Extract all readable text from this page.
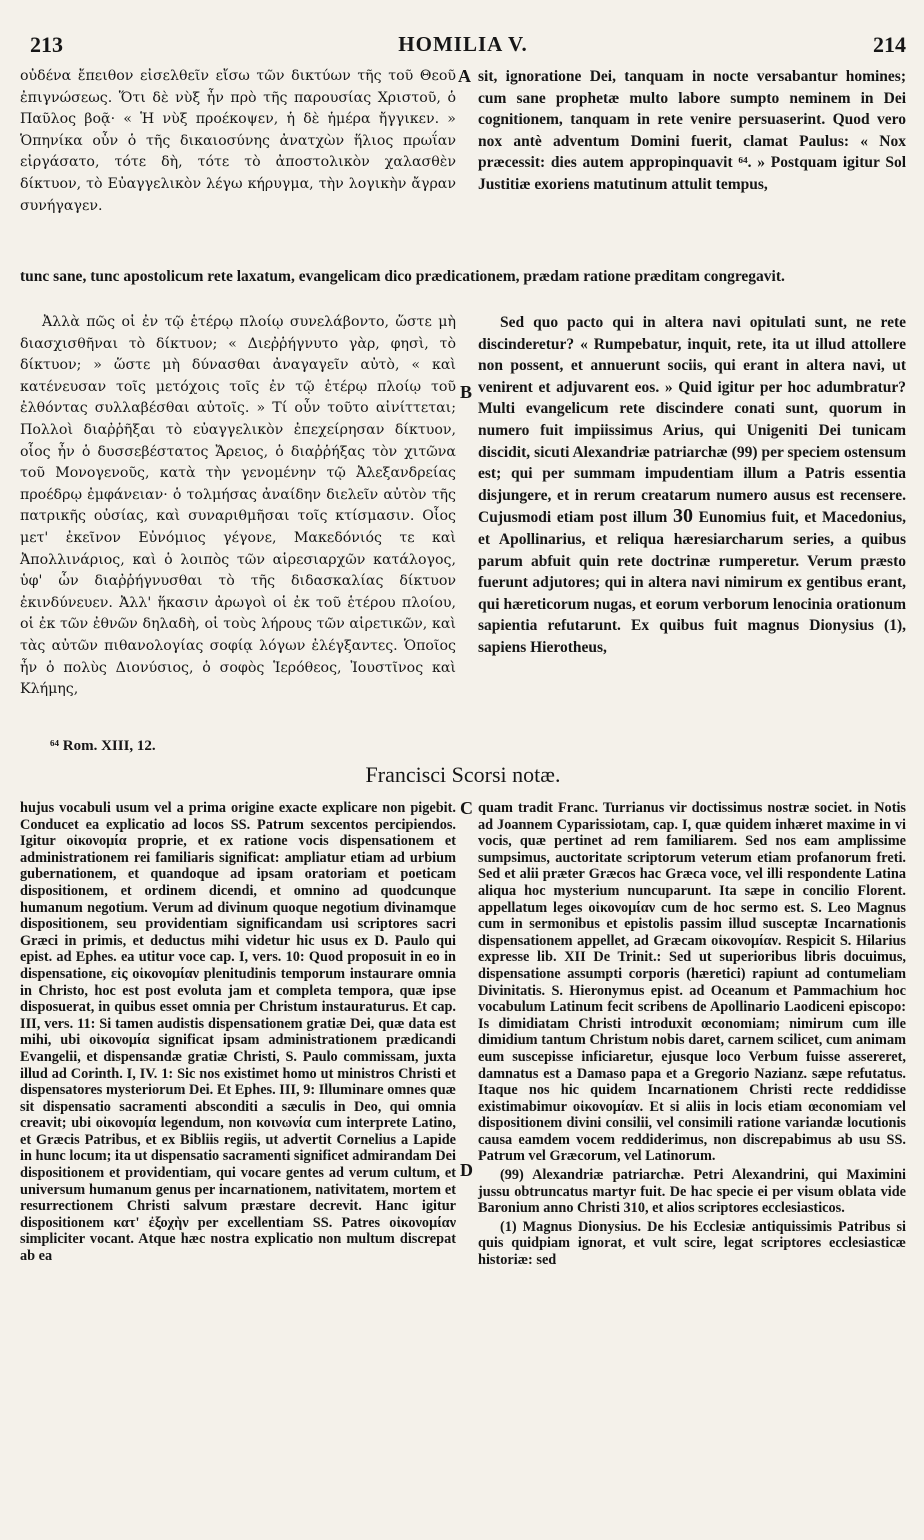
213	HOMILIA V.	214

οὐδένα ἔπειθον εἰσελθεῖν εἴσω τῶν δικτύων τῆς τοῦ Θεοῦ ἐπιγνώσεως. Ὅτι δὲ νὺξ ἦν πρὸ τῆς παρουσίας Χριστοῦ, ὁ Παῦλος βοᾷ· « Ἡ νὺξ προέκοψεν, ἡ δὲ ἡμέρα ἤγγικεν. » Ὁπηνίκα οὖν ὁ τῆς δικαιοσύνης ἀνατχὼν ἥλιος πρωΐαν εἰργάσατο, τότε δὴ, τότε τὸ ἀποστολικὸν χαλασθὲν δίκτυον, τὸ Εὐαγγελικὸν λέγω κήρυγμα, τὴν λογικὴν ἄγραν συνήγαγεν.

A sit, ignoratione Dei, tanquam in nocte versabantur homines; cum sane prophetæ multo labore sumpto neminem in Dei cognitionem, tanquam in rete venire persuaserint. Quod vero nox antè adventum Domini fuerit, clamat Paulus: « Nox præcessit: dies autem appropinquavit ⁶⁴. » Postquam igitur Sol Justitiæ exoriens matutinum attulit tempus,

tunc sane, tunc apostolicum rete laxatum, evangelicam dico prædicationem, prædam ratione præditam congregavit.

Ἀλλὰ πῶς οἱ ἐν τῷ ἑτέρῳ πλοίῳ συνελάβοντο, ὥστε μὴ διασχισθῆναι τὸ δίκτυον; « Διεῤῥήγνυτο γὰρ, φησὶ, τὸ δίκτυον; » ὥστε μὴ δύνασθαι ἀναγαγεῖν αὐτὸ, « καὶ κατένευσαν τοῖς μετόχοις τοῖς ἐν τῷ ἑτέρῳ πλοίῳ τοῦ ἐλθόντας συλλαβέσθαι αὐτοῖς. » Τί οὖν τοῦτο αἰνίττεται; Πολλοὶ διαῤῥῆξαι τὸ εὐαγγελικὸν ἐπεχείρησαν δίκτυον, οἷος ἦν ὁ δυσσεβέστατος Ἄρειος, ὁ διαῤῥήξας τὸν χιτῶνα τοῦ Μονογενοῦς, κατὰ τὴν γενομένην τῷ Ἀλεξανδρείας προέδρῳ ἐμφάνειαν· ὁ τολμήσας ἀναίδην διελεῖν αὐτὸν τῆς πατρικῆς οὐσίας, καὶ συναριθμῆσαι τοῖς κτίσμασιν. Οἷος μετ' ἐκεῖνον Εὐνόμιος γέγονε, Μακεδόνιός τε καὶ Ἀπολλινάριος, καὶ ὁ λοιπὸς τῶν αἱρεσιαρχῶν κατάλογος, ὑφ' ὧν διαῤῥήγνυσθαι τὸ τῆς διδασκαλίας δίκτυον ἐκινδύνευεν. Ἀλλ' ἥκασιν ἀρωγοὶ οἱ ἐκ τοῦ ἑτέρου πλοίου, οἱ ἐκ τῶν ἐθνῶν δηλαδὴ, οἱ τοὺς λήρους τῶν αἱρετικῶν, καὶ τὰς αὐτῶν πιθανολογίας σοφίᾳ λόγων ἐλέγξαντες. Ὁποῖος ἦν ὁ πολὺς Διονύσιος, ὁ σοφὸς Ἱερόθεος, Ἰουστῖνος καὶ Κλήμης,

B

Sed quo pacto qui in altera navi opitulati sunt, ne rete discinderetur? « Rumpebatur, inquit, rete, ita ut illud attollere non possent, et annuerunt sociis, qui erant in altera navi, ut venirent et adjuvarent eos. » Quid igitur per hoc adumbratur? Multi evangelicum rete discindere conati sunt, quorum in numero fuit impiissimus Arius, qui Unigeniti Dei tunicam discidit, sicuti Alexandriæ patriarchæ (99) per speciem ostensum est; qui per summam impudentiam illum a Patris essentia disjungere, et in rerum creatarum numero ausus est recensere. Cujusmodi etiam post illum 30 Eunomius fuit, et Macedonius, et Apollinarius, et reliqua hæresiarcharum series, a quibus parum abfuit quin rete doctrinæ rumperetur. Verum præsto fuerunt adjutores; qui in altera navi nimirum ex gentibus erant, qui hæreticorum nugas, et eorum verborum lenocinia orationum sapientia refutarunt. Ex quibus fuit magnus Dionysius (1), sapiens Hierotheus,

⁶⁴ Rom. XIII, 12.
Francisci Scorsi notæ.

hujus vocabuli usum vel a prima origine exacte explicare non pigebit. Conducet ea explicatio ad locos SS. Patrum sexcentos percipiendos. Igitur οἰκονομία proprie, et ex ratione vocis dispensationem et administrationem rei familiaris significat: ampliatur etiam ad urbium gubernationem, et quandoque ad ipsam oratoriam et poeticam dispositionem, et ordinem dicendi, et omnino ad quodcunque humanum negotium. Verum ad divinum quoque negotium divinamque dispositionem, seu providentiam significandam usi scriptores sacri Græci in primis, et deductus mihi videtur hic usus ex D. Paulo qui epist. ad Ephes. ea utitur voce cap. I, vers. 10: Quod proposuit in eo in dispensatione, εἰς οἰκονομίαν plenitudinis temporum instaurare omnia in Christo, hoc est post evoluta jam et completa tempora, quæ ipse disposuerat, in quibus esset omnia per Christum instauraturus. Et cap. III, vers. 11: Si tamen audistis dispensationem gratiæ Dei, quæ data est mihi, ubi οἰκονομία significat ipsam administrationem prædicandi Evangelii, et dispensandæ gratiæ Christi, S. Paulo commissam, juxta illud ad Corinth. I, IV. 1: Sic nos existimet homo ut ministros Christi et dispensatores mysteriorum Dei. Et Ephes. III, 9: Illuminare omnes quæ sit dispensatio sacramenti absconditi a sæculis in Deo, qui omnia creavit; ubi οἰκονομία legendum, non κοινωνία cum interprete Latino, et Græcis Patribus, et ex Bibliis regiis, ut advertit Cornelius a Lapide in hunc locum; ita ut dispensatio sacramenti significet admirandam Dei dispositionem et providentiam, qui vocare gentes ad verum cultum, et universum humanum genus per incarnationem, nativitatem, mortem et resurrectionem Christi salvum præstare decrevit. Hanc igitur dispositionem κατ' ἐξοχὴν per excellentiam SS. Patres οἰκονομίαν simpliciter vocant. Atque hæc nostra explicatio non multum discrepat ab ea

C
D

quam tradit Franc. Turrianus vir doctissimus nostræ societ. in Notis ad Joannem Cyparissiotam, cap. I, quæ quidem inhæret maxime in vi vocis, quæ pertinet ad rem familiarem. Sed nos eam amplissime sumpsimus, auctoritate scriptorum veterum etiam profanorum freti. Sed et alii præter Græcos hac Græca voce, vel illi respondente Latina aliqua hoc mysterium nuncuparunt. Ita sæpe in concilio Florent. appellatum leges οἰκονομίαν cum de hoc sermo est. S. Leo Magnus cum in sermonibus et epistolis passim illud susceptæ Incarnationis dispensationem appellet, ad Græcam οἰκονομίαν. Respicit S. Hilarius expresse lib. XII De Trinit.: Sed ut superioribus libris docuimus, dispensatione assumpti corporis (hæretici) rapiunt ad contumeliam Divinitatis. S. Hieronymus epist. ad Oceanum et Pammachium hoc vocabulum Latinum fecit scribens de Apollinario Laodiceni episcopo: Is dimidiatam Christi introduxit œconomiam; nimirum cum ille dimidium tantum Christum nobis daret, carnem scilicet, cum animam eum suscepisse inficiaretur, ejusque loco Verbum fuisse assereret, damnatus est a Damaso papa et a Gregorio Nazianz. sæpe refutatus. Itaque nos hic quidem Incarnationem Christi recte reddidisse existimabimur οἰκονομίαν. Et si aliis in locis etiam œconomiam vel dispositionem divini consilii, vel consimili ratione variandæ locutionis causa eamdem vocem reddiderimus, non discrepabimus ab usu SS. Patrum vel Græcorum, vel Latinorum.

(99) Alexandriæ patriarchæ. Petri Alexandrini, qui Maximini jussu obtruncatus martyr fuit. De hac specie ei per visum oblata vide Baronium anno Christi 310, et alios scriptores ecclesiasticos.

(1) Magnus Dionysius. De his Ecclesiæ antiquissimis Patribus si quis quidpiam ignorat, et vult scire, legat scriptores ecclesiasticæ historiæ: sed
